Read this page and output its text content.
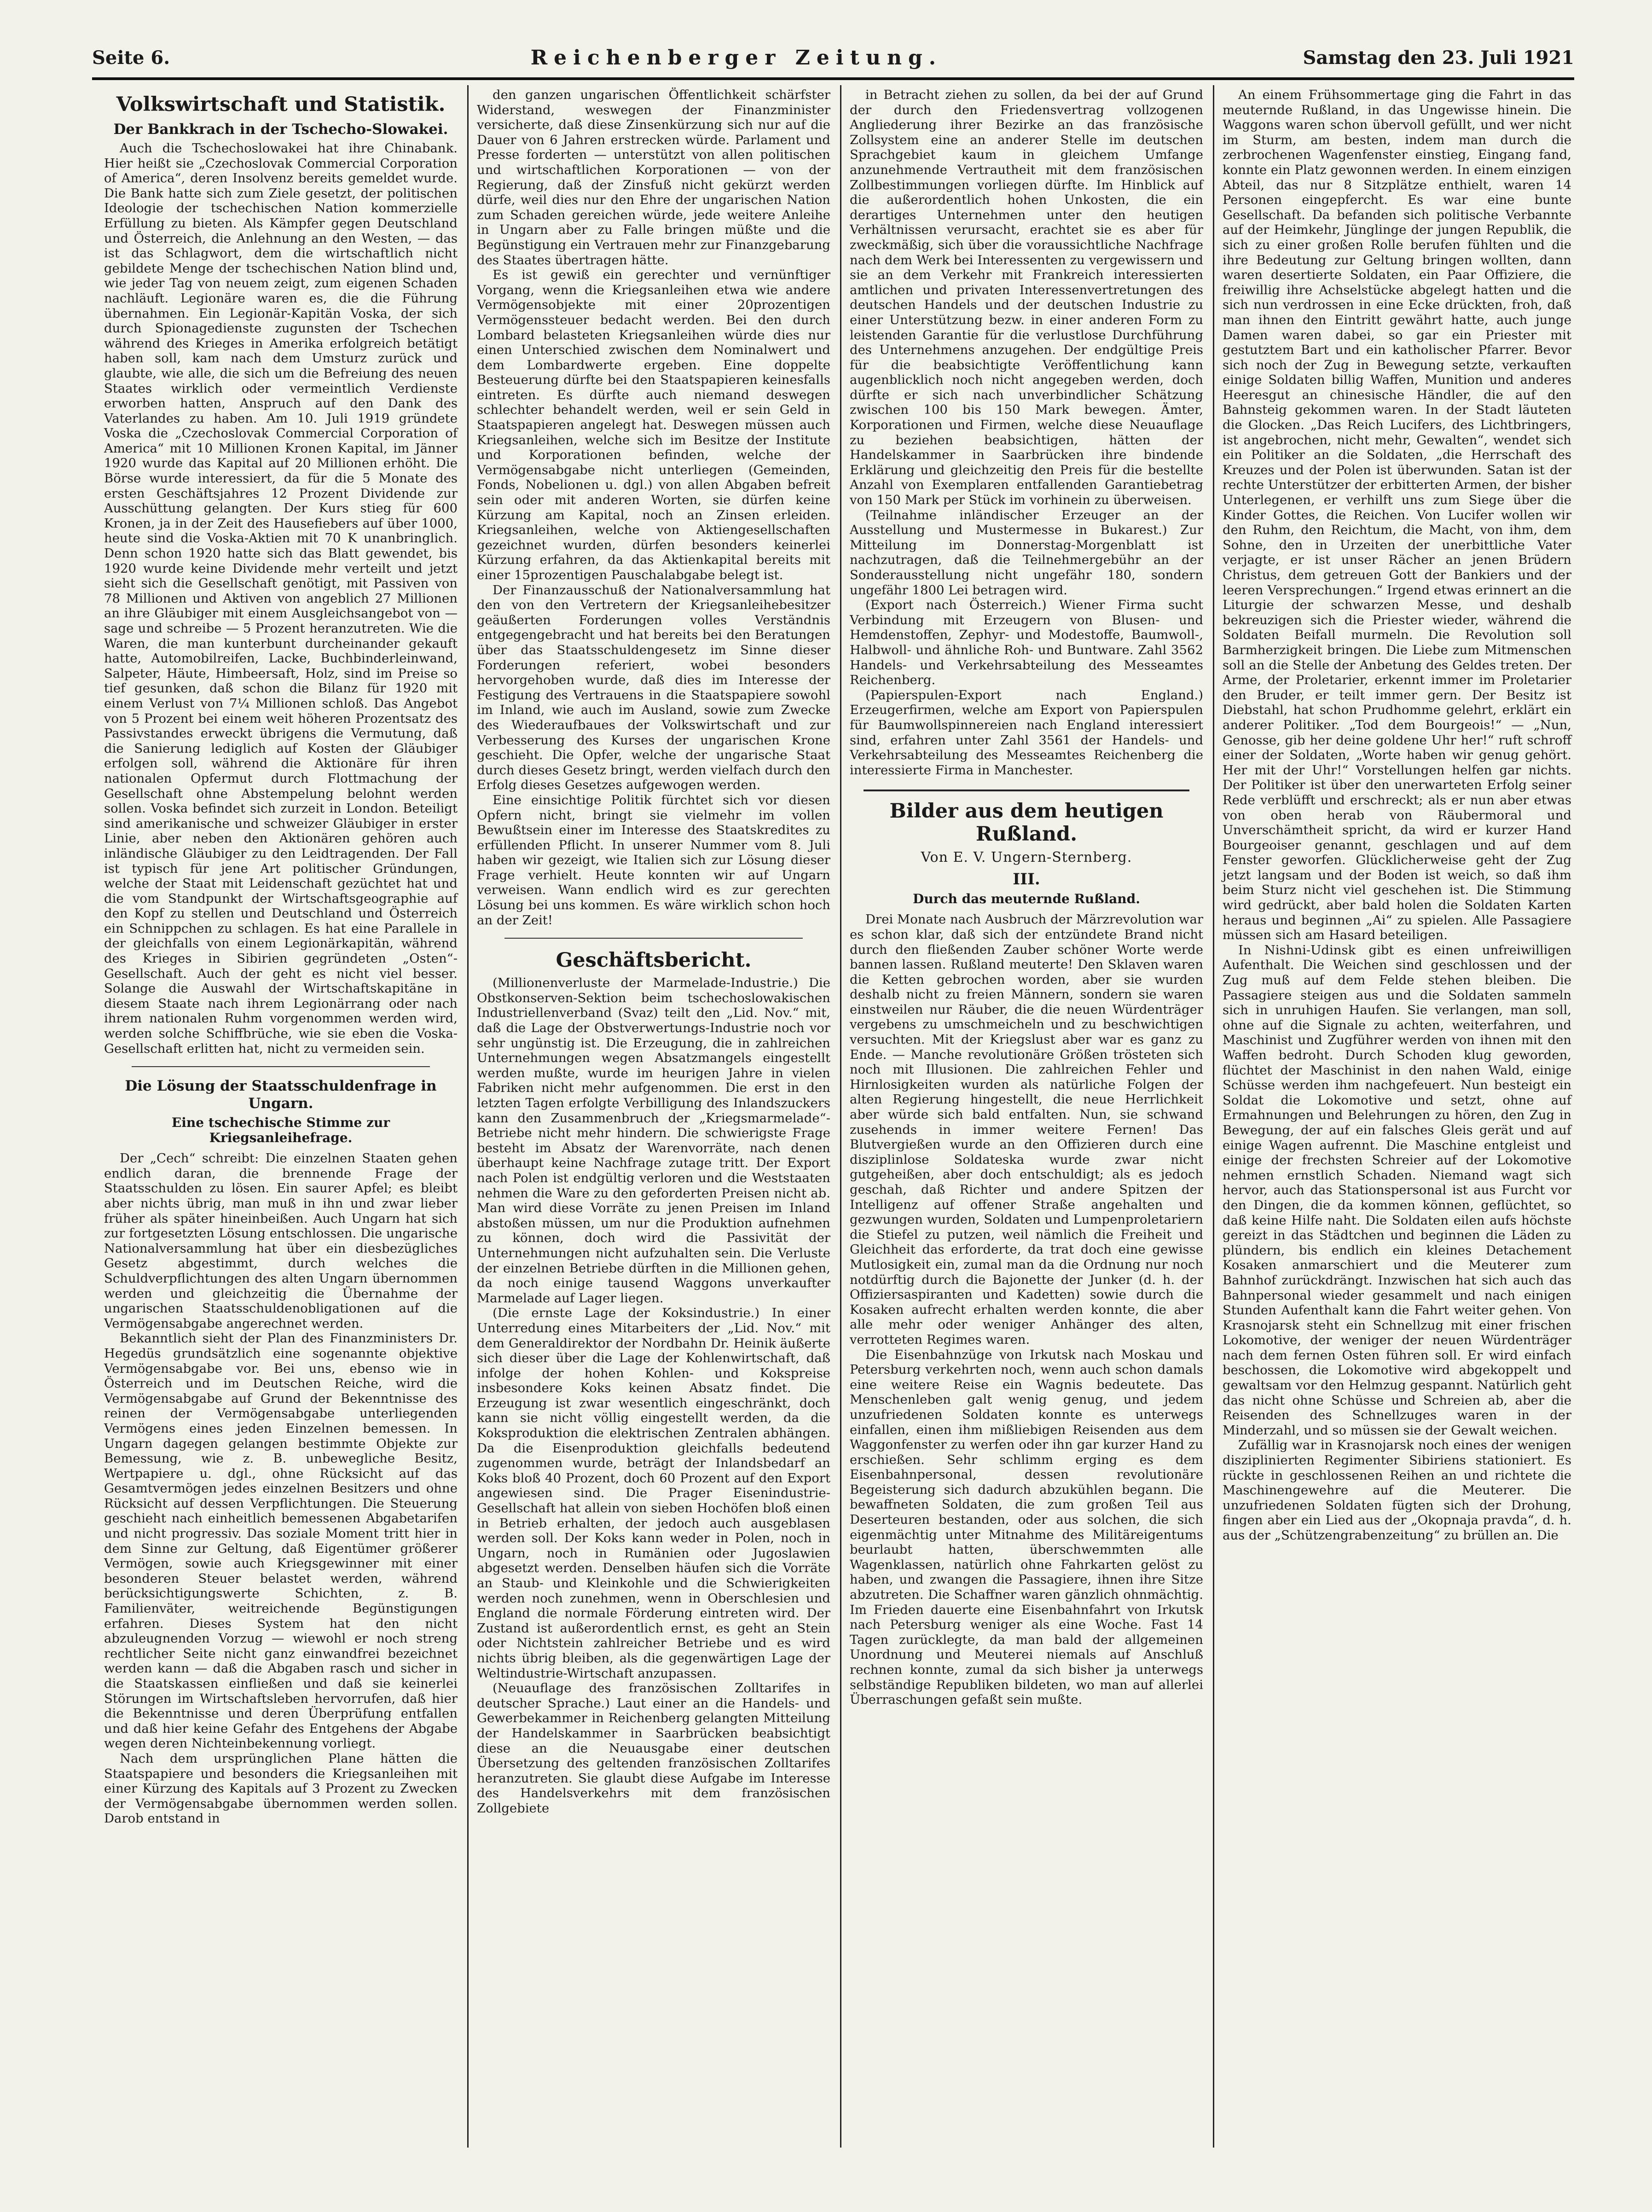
Seite 6.	Reichenberger Zeitung.	Samstag den 23. Juli 1921
Volkswirtschaft und Statistik.
Der Bankkrach in der Tschecho-Slowakei.

Auch die Tschechoslowakei hat ihre Chinabank. Hier heißt sie „Czechoslovak Commercial Corporation of America“, deren Insolvenz bereits gemeldet wurde. Die Bank hatte sich zum Ziele gesetzt, der politischen Ideologie der tschechischen Nation kommerzielle Erfüllung zu bieten. Als Kämpfer gegen Deutschland und Österreich, die Anlehnung an den Westen, — das ist das Schlagwort, dem die wirtschaftlich nicht gebildete Menge der tschechischen Nation blind und, wie jeder Tag von neuem zeigt, zum eigenen Schaden nachläuft. Legionäre waren es, die die Führung übernahmen. Ein Legionär-Kapitän Voska, der sich durch Spionagedienste zugunsten der Tschechen während des Krieges in Amerika erfolgreich betätigt haben soll, kam nach dem Umsturz zurück und glaubte, wie alle, die sich um die Befreiung des neuen Staates wirklich oder vermeintlich Verdienste erworben hatten, Anspruch auf den Dank des Vaterlandes zu haben. Am 10. Juli 1919 gründete Voska die „Czechoslovak Commercial Corporation of America“ mit 10 Millionen Kronen Kapital, im Jänner 1920 wurde das Kapital auf 20 Millionen erhöht. Die Börse wurde interessiert, da für die 5 Monate des ersten Geschäftsjahres 12 Prozent Dividende zur Ausschüttung gelangten. Der Kurs stieg für 600 Kronen, ja in der Zeit des Hausefiebers auf über 1000, heute sind die Voska-Aktien mit 70 K unanbringlich. Denn schon 1920 hatte sich das Blatt gewendet, bis 1920 wurde keine Dividende mehr verteilt und jetzt sieht sich die Gesellschaft genötigt, mit Passiven von 78 Millionen und Aktiven von angeblich 27 Millionen an ihre Gläubiger mit einem Ausgleichsangebot von — sage und schreibe — 5 Prozent heranzutreten. Wie die Waren, die man kunterbunt durcheinander gekauft hatte, Automobilreifen, Lacke, Buchbinderleinwand, Salpeter, Häute, Himbeersaft, Holz, sind im Preise so tief gesunken, daß schon die Bilanz für 1920 mit einem Verlust von 7¼ Millionen schloß. Das Angebot von 5 Prozent bei einem weit höheren Prozentsatz des Passivstandes erweckt übrigens die Vermutung, daß die Sanierung lediglich auf Kosten der Gläubiger erfolgen soll, während die Aktionäre für ihren nationalen Opfermut durch Flottmachung der Gesellschaft ohne Abstempelung belohnt werden sollen. Voska befindet sich zurzeit in London. Beteiligt sind amerikanische und schweizer Gläubiger in erster Linie, aber neben den Aktionären gehören auch inländische Gläubiger zu den Leidtragenden. Der Fall ist typisch für jene Art politischer Gründungen, welche der Staat mit Leidenschaft gezüchtet hat und die vom Standpunkt der Wirtschaftsgeographie auf den Kopf zu stellen und Deutschland und Österreich ein Schnippchen zu schlagen. Es hat eine Parallele in der gleichfalls von einem Legionärkapitän, während des Krieges in Sibirien gegründeten „Osten“-Gesellschaft. Auch der geht es nicht viel besser. Solange die Auswahl der Wirtschaftskapitäne in diesem Staate nach ihrem Legionärrang oder nach ihrem nationalen Ruhm vorgenommen werden wird, werden solche Schiffbrüche, wie sie eben die Voska-Gesellschaft erlitten hat, nicht zu vermeiden sein.

Die Lösung der Staatsschuldenfrage in Ungarn.
Eine tschechische Stimme zur Kriegsanleihefrage.

Der „Cech“ schreibt: Die einzelnen Staaten gehen endlich daran, die brennende Frage der Staatsschulden zu lösen. Ein saurer Apfel; es bleibt aber nichts übrig, man muß in ihn und zwar lieber früher als später hineinbeißen. Auch Ungarn hat sich zur fortgesetzten Lösung entschlossen. Die ungarische Nationalversammlung hat über ein diesbezügliches Gesetz abgestimmt, durch welches die Schuldverpflichtungen des alten Ungarn übernommen werden und gleichzeitig die Übernahme der ungarischen Staatsschuldenobligationen auf die Vermögensabgabe angerechnet werden.

Bekanntlich sieht der Plan des Finanzministers Dr. Hegedüs grundsätzlich eine sogenannte objektive Vermögensabgabe vor. Bei uns, ebenso wie in Österreich und im Deutschen Reiche, wird die Vermögensabgabe auf Grund der Bekenntnisse des reinen der Vermögensabgabe unterliegenden Vermögens eines jeden Einzelnen bemessen. In Ungarn dagegen gelangen bestimmte Objekte zur Bemessung, wie z. B. unbewegliche Besitz, Wertpapiere u. dgl., ohne Rücksicht auf das Gesamtvermögen jedes einzelnen Besitzers und ohne Rücksicht auf dessen Verpflichtungen. Die Steuerung geschieht nach einheitlich bemessenen Abgabetarifen und nicht progressiv. Das soziale Moment tritt hier in dem Sinne zur Geltung, daß Eigentümer größerer Vermögen, sowie auch Kriegsgewinner mit einer besonderen Steuer belastet werden, während berücksichtigungswerte Schichten, z. B. Familienväter, weitreichende Begünstigungen erfahren. Dieses System hat den nicht abzuleugnenden Vorzug — wiewohl er noch streng rechtlicher Seite nicht ganz einwandfrei bezeichnet werden kann — daß die Abgaben rasch und sicher in die Staatskassen einfließen und daß sie keinerlei Störungen im Wirtschaftsleben hervorrufen, daß hier die Bekenntnisse und deren Überprüfung entfallen und daß hier keine Gefahr des Entgehens der Abgabe wegen deren Nichteinbekennung vorliegt.

Nach dem ursprünglichen Plane hätten die Staatspapiere und besonders die Kriegsanleihen mit einer Kürzung des Kapitals auf 3 Prozent zu Zwecken der Vermögensabgabe übernommen werden sollen. Darob entstand in

den ganzen ungarischen Öffentlichkeit schärfster Widerstand, weswegen der Finanzminister versicherte, daß diese Zinsenkürzung sich nur auf die Dauer von 6 Jahren erstrecken würde. Parlament und Presse forderten — unterstützt von allen politischen und wirtschaftlichen Korporationen — von der Regierung, daß der Zinsfuß nicht gekürzt werden dürfe, weil dies nur den Ehre der ungarischen Nation zum Schaden gereichen würde, jede weitere Anleihe in Ungarn aber zu Falle bringen müßte und die Begünstigung ein Vertrauen mehr zur Finanzgebarung des Staates übertragen hätte.

Es ist gewiß ein gerechter und vernünftiger Vorgang, wenn die Kriegsanleihen etwa wie andere Vermögensobjekte mit einer 20prozentigen Vermögenssteuer bedacht werden. Bei den durch Lombard belasteten Kriegsanleihen würde dies nur einen Unterschied zwischen dem Nominalwert und dem Lombardwerte ergeben. Eine doppelte Besteuerung dürfte bei den Staatspapieren keinesfalls eintreten. Es dürfte auch niemand deswegen schlechter behandelt werden, weil er sein Geld in Staatspapieren angelegt hat. Deswegen müssen auch Kriegsanleihen, welche sich im Besitze der Institute und Korporationen befinden, welche der Vermögensabgabe nicht unterliegen (Gemeinden, Fonds, Nobelionen u. dgl.) von allen Abgaben befreit sein oder mit anderen Worten, sie dürfen keine Kürzung am Kapital, noch an Zinsen erleiden. Kriegsanleihen, welche von Aktiengesellschaften gezeichnet wurden, dürfen besonders keinerlei Kürzung erfahren, da das Aktienkapital bereits mit einer 15prozentigen Pauschalabgabe belegt ist.

Der Finanzausschuß der Nationalversammlung hat den von den Vertretern der Kriegsanleihebesitzer geäußerten Forderungen volles Verständnis entgegengebracht und hat bereits bei den Beratungen über das Staatsschuldengesetz im Sinne dieser Forderungen referiert, wobei besonders hervorgehoben wurde, daß dies im Interesse der Festigung des Vertrauens in die Staatspapiere sowohl im Inland, wie auch im Ausland, sowie zum Zwecke des Wiederaufbaues der Volkswirtschaft und zur Verbesserung des Kurses der ungarischen Krone geschieht. Die Opfer, welche der ungarische Staat durch dieses Gesetz bringt, werden vielfach durch den Erfolg dieses Gesetzes aufgewogen werden.

Eine einsichtige Politik fürchtet sich vor diesen Opfern nicht, bringt sie vielmehr im vollen Bewußtsein einer im Interesse des Staatskredites zu erfüllenden Pflicht. In unserer Nummer vom 8. Juli haben wir gezeigt, wie Italien sich zur Lösung dieser Frage verhielt. Heute konnten wir auf Ungarn verweisen. Wann endlich wird es zur gerechten Lösung bei uns kommen. Es wäre wirklich schon hoch an der Zeit!

Geschäftsbericht.

(Millionenverluste der Marmelade-Industrie.) Die Obstkonserven-Sektion beim tschechoslowakischen Industriellenverband (Svaz) teilt den „Lid. Nov.“ mit, daß die Lage der Obstverwertungs-Industrie noch vor sehr ungünstig ist. Die Erzeugung, die in zahlreichen Unternehmungen wegen Absatzmangels eingestellt werden mußte, wurde im heurigen Jahre in vielen Fabriken nicht mehr aufgenommen. Die erst in den letzten Tagen erfolgte Verbilligung des Inlandszuckers kann den Zusammenbruch der „Kriegsmarmelade“-Betriebe nicht mehr hindern. Die schwierigste Frage besteht im Absatz der Warenvorräte, nach denen überhaupt keine Nachfrage zutage tritt. Der Export nach Polen ist endgültig verloren und die Weststaaten nehmen die Ware zu den geforderten Preisen nicht ab. Man wird diese Vorräte zu jenen Preisen im Inland abstoßen müssen, um nur die Produktion aufnehmen zu können, doch wird die Passivität der Unternehmungen nicht aufzuhalten sein. Die Verluste der einzelnen Betriebe dürften in die Millionen gehen, da noch einige tausend Waggons unverkaufter Marmelade auf Lager liegen.

(Die ernste Lage der Koksindustrie.) In einer Unterredung eines Mitarbeiters der „Lid. Nov.“ mit dem Generaldirektor der Nordbahn Dr. Heinik äußerte sich dieser über die Lage der Kohlenwirtschaft, daß infolge der hohen Kohlen- und Kokspreise insbesondere Koks keinen Absatz findet. Die Erzeugung ist zwar wesentlich eingeschränkt, doch kann sie nicht völlig eingestellt werden, da die Koksproduktion die elektrischen Zentralen abhängen. Da die Eisenproduktion gleichfalls bedeutend zugenommen wurde, beträgt der Inlandsbedarf an Koks bloß 40 Prozent, doch 60 Prozent auf den Export angewiesen sind. Die Prager Eisenindustrie-Gesellschaft hat allein von sieben Hochöfen bloß einen in Betrieb erhalten, der jedoch auch ausgeblasen werden soll. Der Koks kann weder in Polen, noch in Ungarn, noch in Rumänien oder Jugoslawien abgesetzt werden. Denselben häufen sich die Vorräte an Staub- und Kleinkohle und die Schwierigkeiten werden noch zunehmen, wenn in Oberschlesien und England die normale Förderung eintreten wird. Der Zustand ist außerordentlich ernst, es geht an Stein oder Nichtstein zahlreicher Betriebe und es wird nichts übrig bleiben, als die gegenwärtigen Lage der Weltindustrie-Wirtschaft anzupassen.

(Neuauflage des französischen Zolltarifes in deutscher Sprache.) Laut einer an die Handels- und Gewerbekammer in Reichenberg gelangten Mitteilung der Handelskammer in Saarbrücken beabsichtigt diese an die Neuausgabe einer deutschen Übersetzung des geltenden französischen Zolltarifes heranzutreten. Sie glaubt diese Aufgabe im Interesse des Handelsverkehrs mit dem französischen Zollgebiete

in Betracht ziehen zu sollen, da bei der auf Grund der durch den Friedensvertrag vollzogenen Angliederung ihrer Bezirke an das französische Zollsystem eine an anderer Stelle im deutschen Sprachgebiet kaum in gleichem Umfange anzunehmende Vertrautheit mit dem französischen Zollbestimmungen vorliegen dürfte. Im Hinblick auf die außerordentlich hohen Unkosten, die ein derartiges Unternehmen unter den heutigen Verhältnissen verursacht, erachtet sie es aber für zweckmäßig, sich über die voraussichtliche Nachfrage nach dem Werk bei Interessenten zu vergewissern und sie an dem Verkehr mit Frankreich interessierten amtlichen und privaten Interessenvertretungen des deutschen Handels und der deutschen Industrie zu einer Unterstützung bezw. in einer anderen Form zu leistenden Garantie für die verlustlose Durchführung des Unternehmens anzugehen. Der endgültige Preis für die beabsichtigte Veröffentlichung kann augenblicklich noch nicht angegeben werden, doch dürfte er sich nach unverbindlicher Schätzung zwischen 100 bis 150 Mark bewegen. Ämter, Korporationen und Firmen, welche diese Neuauflage zu beziehen beabsichtigen, hätten der Handelskammer in Saarbrücken ihre bindende Erklärung und gleichzeitig den Preis für die bestellte Anzahl von Exemplaren entfallenden Garantiebetrag von 150 Mark per Stück im vorhinein zu überweisen.

(Teilnahme inländischer Erzeuger an der Ausstellung und Mustermesse in Bukarest.) Zur Mitteilung im Donnerstag-Morgenblatt ist nachzutragen, daß die Teilnehmergebühr an der Sonderausstellung nicht ungefähr 180, sondern ungefähr 1800 Lei betragen wird.

(Export nach Österreich.) Wiener Firma sucht Verbindung mit Erzeugern von Blusen- und Hemdenstoffen, Zephyr- und Modestoffe, Baumwoll-, Halbwoll- und ähnliche Roh- und Buntware. Zahl 3562 Handels- und Verkehrsabteilung des Messeamtes Reichenberg.

(Papierspulen-Export nach England.) Erzeugerfirmen, welche am Export von Papierspulen für Baumwollspinnereien nach England interessiert sind, erfahren unter Zahl 3561 der Handels- und Verkehrsabteilung des Messeamtes Reichenberg die interessierte Firma in Manchester.

Bilder aus dem heutigen Rußland.
Von E. V. Ungern-Sternberg.
III.
Durch das meuternde Rußland.

Drei Monate nach Ausbruch der Märzrevolution war es schon klar, daß sich der entzündete Brand nicht durch den fließenden Zauber schöner Worte werde bannen lassen. Rußland meuterte! Den Sklaven waren die Ketten gebrochen worden, aber sie wurden deshalb nicht zu freien Männern, sondern sie waren einstweilen nur Räuber, die die neuen Würdenträger vergebens zu umschmeicheln und zu beschwichtigen versuchten. Mit der Kriegslust aber war es ganz zu Ende. — Manche revolutionäre Größen trösteten sich noch mit Illusionen. Die zahlreichen Fehler und Hirnlosigkeiten wurden als natürliche Folgen der alten Regierung hingestellt, die neue Herrlichkeit aber würde sich bald entfalten. Nun, sie schwand zusehends in immer weitere Fernen! Das Blutvergießen wurde an den Offizieren durch eine disziplinlose Soldateska wurde zwar nicht gutgeheißen, aber doch entschuldigt; als es jedoch geschah, daß Richter und andere Spitzen der Intelligenz auf offener Straße angehalten und gezwungen wurden, Soldaten und Lumpenproletariern die Stiefel zu putzen, weil nämlich die Freiheit und Gleichheit das erforderte, da trat doch eine gewisse Mutlosigkeit ein, zumal man da die Ordnung nur noch notdürftig durch die Bajonette der Junker (d. h. der Offiziersaspiranten und Kadetten) sowie durch die Kosaken aufrecht erhalten werden konnte, die aber alle mehr oder weniger Anhänger des alten, verrotteten Regimes waren.

Die Eisenbahnzüge von Irkutsk nach Moskau und Petersburg verkehrten noch, wenn auch schon damals eine weitere Reise ein Wagnis bedeutete. Das Menschenleben galt wenig genug, und jedem unzufriedenen Soldaten konnte es unterwegs einfallen, einen ihm mißliebigen Reisenden aus dem Waggonfenster zu werfen oder ihn gar kurzer Hand zu erschießen. Sehr schlimm erging es dem Eisenbahnpersonal, dessen revolutionäre Begeisterung sich dadurch abzukühlen begann. Die bewaffneten Soldaten, die zum großen Teil aus Deserteuren bestanden, oder aus solchen, die sich eigenmächtig unter Mitnahme des Militäreigentums beurlaubt hatten, überschwemmten alle Wagenklassen, natürlich ohne Fahrkarten gelöst zu haben, und zwangen die Passagiere, ihnen ihre Sitze abzutreten. Die Schaffner waren gänzlich ohnmächtig. Im Frieden dauerte eine Eisenbahnfahrt von Irkutsk nach Petersburg weniger als eine Woche. Fast 14 Tagen zurücklegte, da man bald der allgemeinen Unordnung und Meuterei niemals auf Anschluß rechnen konnte, zumal da sich bisher ja unterwegs selbständige Republiken bildeten, wo man auf allerlei Überraschungen gefaßt sein mußte.

An einem Frühsommertage ging die Fahrt in das meuternde Rußland, in das Ungewisse hinein. Die Waggons waren schon übervoll gefüllt, und wer nicht im Sturm, am besten, indem man durch die zerbrochenen Wagenfenster einstieg, Eingang fand, konnte ein Platz gewonnen werden. In einem einzigen Abteil, das nur 8 Sitzplätze enthielt, waren 14 Personen eingepfercht. Es war eine bunte Gesellschaft. Da befanden sich politische Verbannte auf der Heimkehr, Jünglinge der jungen Republik, die sich zu einer großen Rolle berufen fühlten und die ihre Bedeutung zur Geltung bringen wollten, dann waren desertierte Soldaten, ein Paar Offiziere, die freiwillig ihre Achselstücke abgelegt hatten und die sich nun verdrossen in eine Ecke drückten, froh, daß man ihnen den Eintritt gewährt hatte, auch junge Damen waren dabei, so gar ein Priester mit gestutztem Bart und ein katholischer Pfarrer. Bevor sich noch der Zug in Bewegung setzte, verkauften einige Soldaten billig Waffen, Munition und anderes Heeresgut an chinesische Händler, die auf den Bahnsteig gekommen waren. In der Stadt läuteten die Glocken. „Das Reich Lucifers, des Lichtbringers, ist angebrochen, nicht mehr, Gewalten“, wendet sich ein Politiker an die Soldaten, „die Herrschaft des Kreuzes und der Polen ist überwunden. Satan ist der rechte Unterstützer der erbitterten Armen, der bisher Unterlegenen, er verhilft uns zum Siege über die Kinder Gottes, die Reichen. Von Lucifer wollen wir den Ruhm, den Reichtum, die Macht, von ihm, dem Sohne, den in Urzeiten der unerbittliche Vater verjagte, er ist unser Rächer an jenen Brüdern Christus, dem getreuen Gott der Bankiers und der leeren Versprechungen.“ Irgend etwas erinnert an die Liturgie der schwarzen Messe, und deshalb bekreuzigen sich die Priester wieder, während die Soldaten Beifall murmeln. Die Revolution soll Barmherzigkeit bringen. Die Liebe zum Mitmenschen soll an die Stelle der Anbetung des Geldes treten. Der Arme, der Proletarier, erkennt immer im Proletarier den Bruder, er teilt immer gern. Der Besitz ist Diebstahl, hat schon Prudhomme gelehrt, erklärt ein anderer Politiker. „Tod dem Bourgeois!“ — „Nun, Genosse, gib her deine goldene Uhr her!“ ruft schroff einer der Soldaten, „Worte haben wir genug gehört. Her mit der Uhr!“ Vorstellungen helfen gar nichts. Der Politiker ist über den unerwarteten Erfolg seiner Rede verblüfft und erschreckt; als er nun aber etwas von oben herab von Räubermoral und Unverschämtheit spricht, da wird er kurzer Hand Bourgeoiser genannt, geschlagen und auf dem Fenster geworfen. Glücklicherweise geht der Zug jetzt langsam und der Boden ist weich, so daß ihm beim Sturz nicht viel geschehen ist. Die Stimmung wird gedrückt, aber bald holen die Soldaten Karten heraus und beginnen „Ai“ zu spielen. Alle Passagiere müssen sich am Hasard beteiligen.

In Nishni-Udinsk gibt es einen unfreiwilligen Aufenthalt. Die Weichen sind geschlossen und der Zug muß auf dem Felde stehen bleiben. Die Passagiere steigen aus und die Soldaten sammeln sich in unruhigen Haufen. Sie verlangen, man soll, ohne auf die Signale zu achten, weiterfahren, und Maschinist und Zugführer werden von ihnen mit den Waffen bedroht. Durch Schoden klug geworden, flüchtet der Maschinist in den nahen Wald, einige Schüsse werden ihm nachgefeuert. Nun besteigt ein Soldat die Lokomotive und setzt, ohne auf Ermahnungen und Belehrungen zu hören, den Zug in Bewegung, der auf ein falsches Gleis gerät und auf einige Wagen aufrennt. Die Maschine entgleist und einige der frechsten Schreier auf der Lokomotive nehmen ernstlich Schaden. Niemand wagt sich hervor, auch das Stationspersonal ist aus Furcht vor den Dingen, die da kommen können, geflüchtet, so daß keine Hilfe naht. Die Soldaten eilen aufs höchste gereizt in das Städtchen und beginnen die Läden zu plündern, bis endlich ein kleines Detachement Kosaken anmarschiert und die Meuterer zum Bahnhof zurückdrängt. Inzwischen hat sich auch das Bahnpersonal wieder gesammelt und nach einigen Stunden Aufenthalt kann die Fahrt weiter gehen. Von Krasnojarsk steht ein Schnellzug mit einer frischen Lokomotive, der weniger der neuen Würdenträger nach dem fernen Osten führen soll. Er wird einfach beschossen, die Lokomotive wird abgekoppelt und gewaltsam vor den Helmzug gespannt. Natürlich geht das nicht ohne Schüsse und Schreien ab, aber die Reisenden des Schnellzuges waren in der Minderzahl, und so müssen sie der Gewalt weichen.

Zufällig war in Krasnojarsk noch eines der wenigen disziplinierten Regimenter Sibiriens stationiert. Es rückte in geschlossenen Reihen an und richtete die Maschinengewehre auf die Meuterer. Die unzufriedenen Soldaten fügten sich der Drohung, fingen aber ein Lied aus der „Okopnaja pravda“, d. h. aus der „Schützengrabenzeitung“ zu brüllen an. Die
